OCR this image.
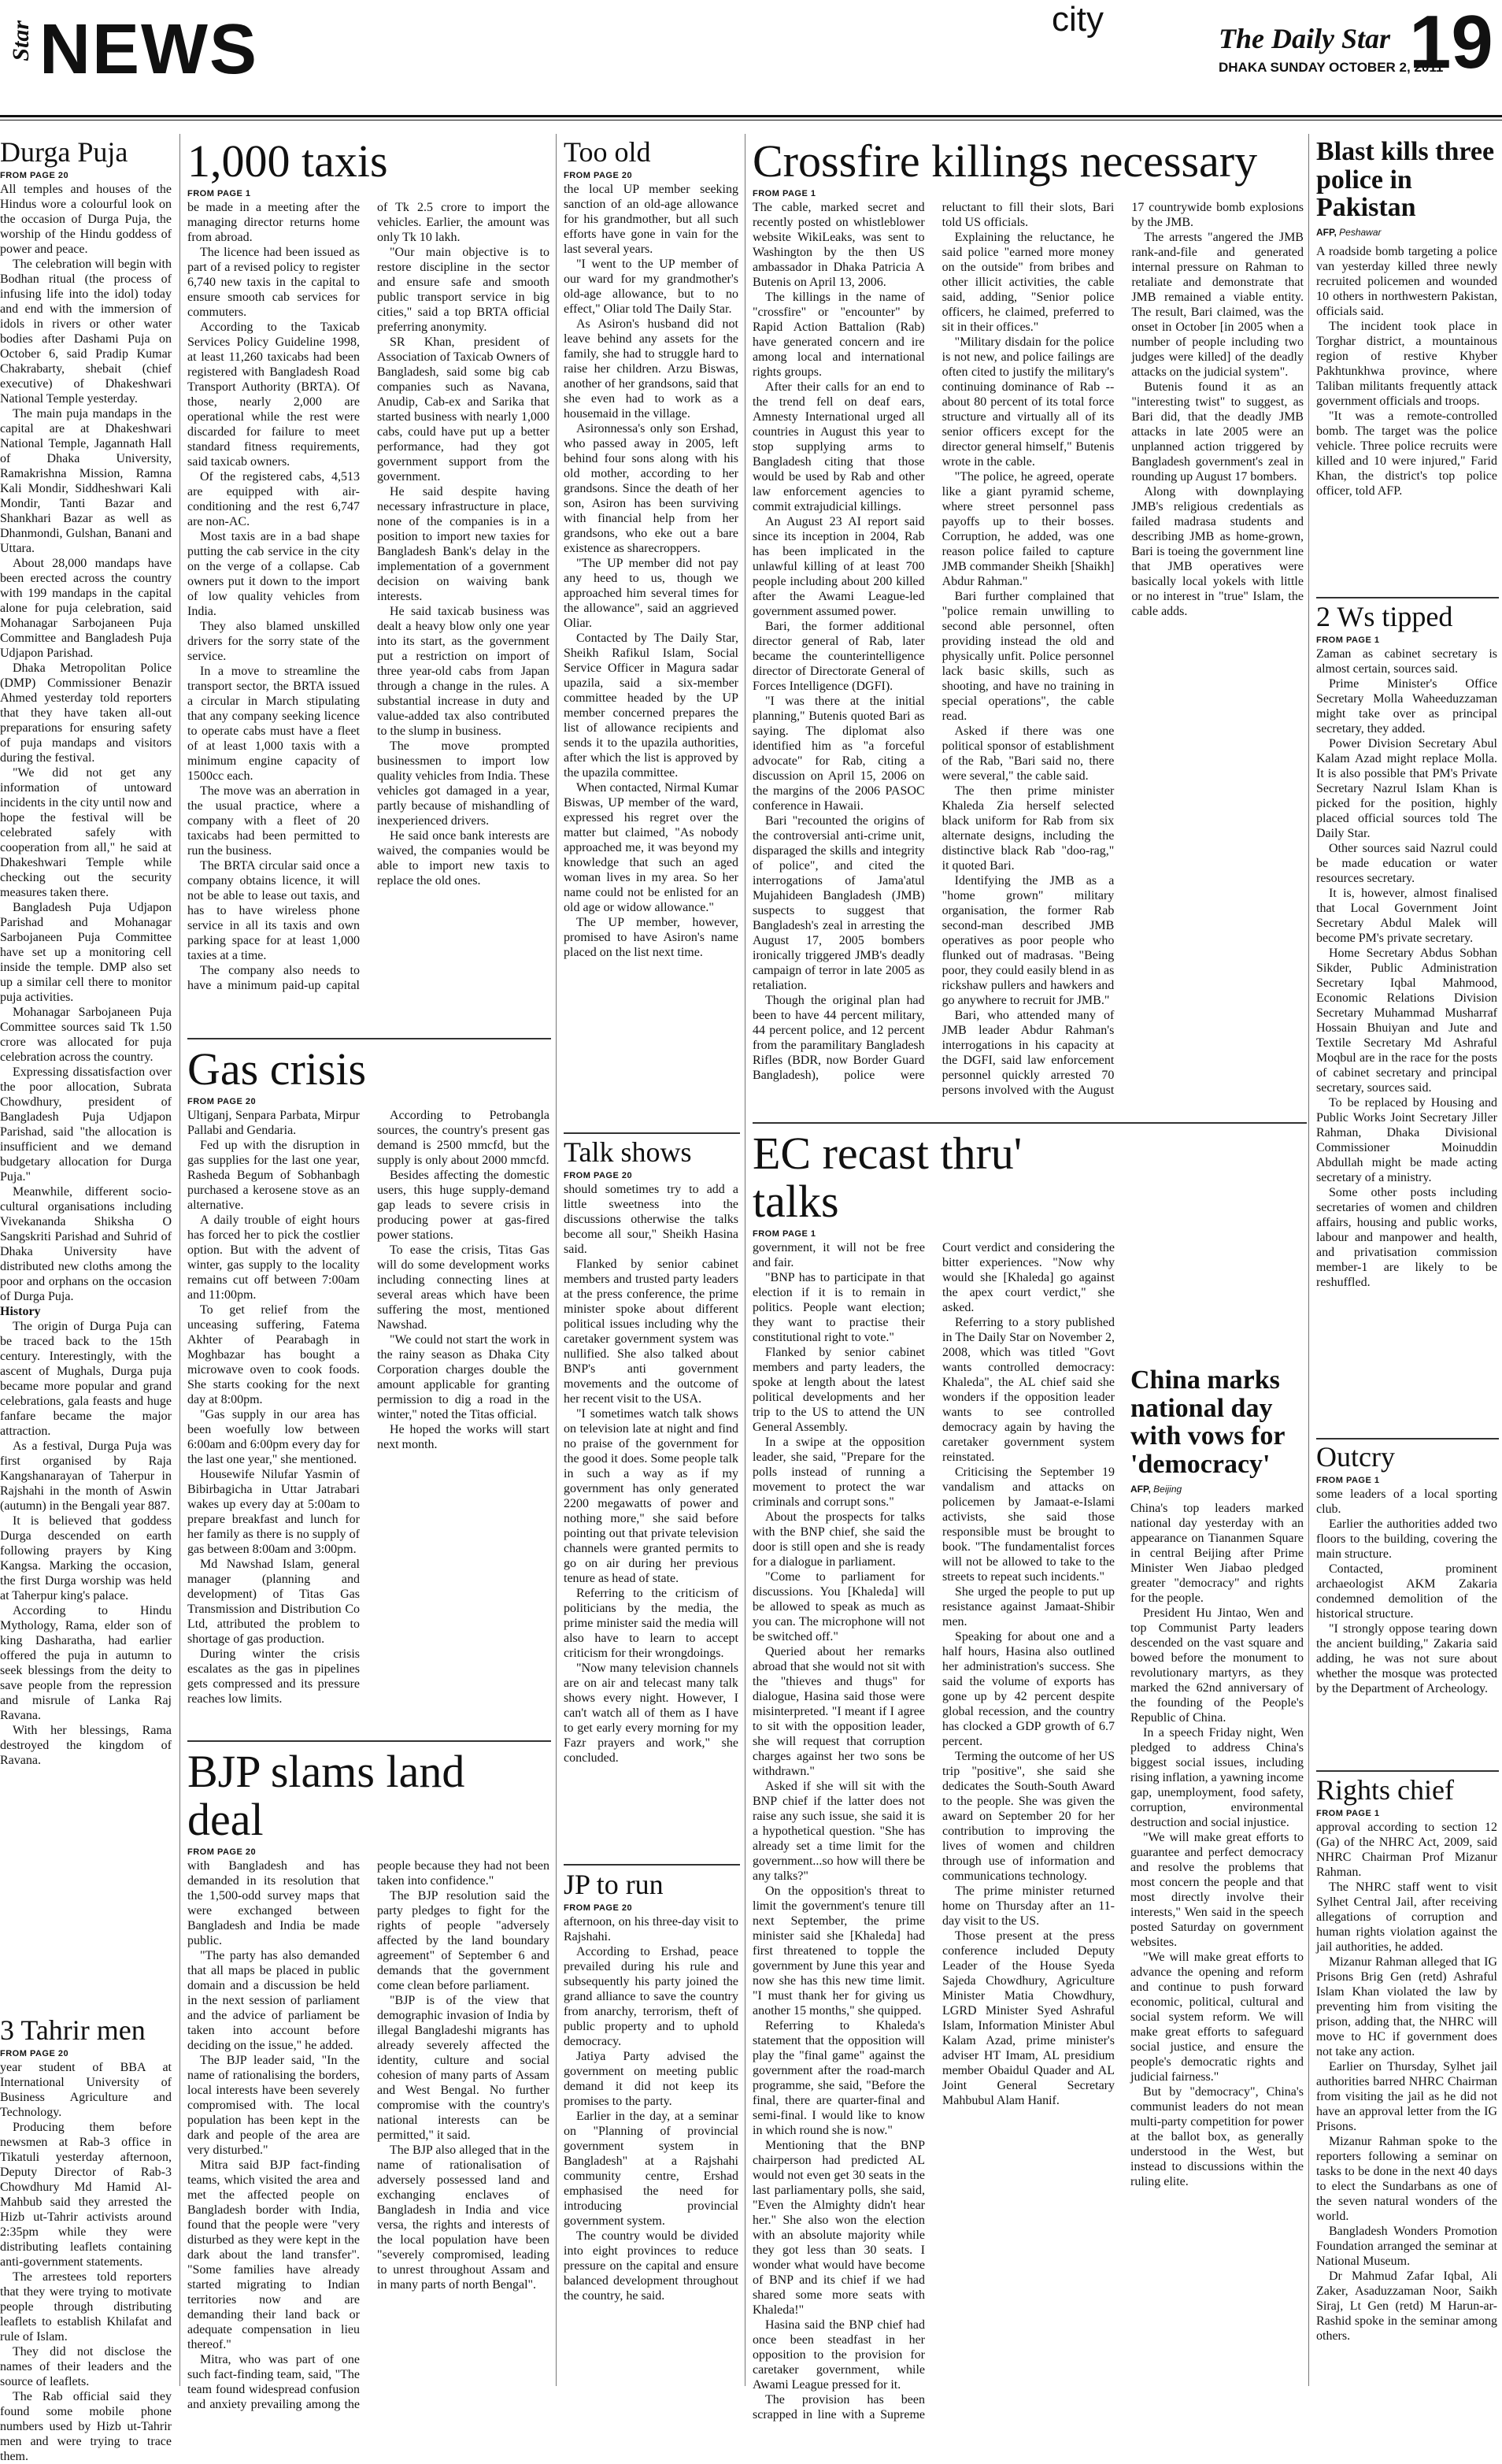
Star NEWS	city	The Daily Star
DHAKA SUNDAY OCTOBER 2, 2011
19
Durga Puja
FROM PAGE 20

All temples and houses of the Hindus wore a colourful look on the occasion of Durga Puja, the worship of the Hindu goddess of power and peace.

The celebration will begin with Bodhan ritual (the process of infusing life into the idol) today and end with the immersion of idols in rivers or other water bodies after Dashami Puja on October 6, said Pradip Kumar Chakrabarty, shebait (chief executive) of Dhakeshwari National Temple yesterday.

The main puja mandaps in the capital are at Dhakeshwari National Temple, Jagannath Hall of Dhaka University, Ramakrishna Mission, Ramna Kali Mondir, Siddheshwari Kali Mondir, Tanti Bazar and Shankhari Bazar as well as Dhanmondi, Gulshan, Banani and Uttara.

About 28,000 mandaps have been erected across the country with 199 mandaps in the capital alone for puja celebration, said Mohanagar Sarbojaneen Puja Committee and Bangladesh Puja Udjapon Parishad.

Dhaka Metropolitan Police (DMP) Commissioner Benazir Ahmed yesterday told reporters that they have taken all-out preparations for ensuring safety of puja mandaps and visitors during the festival.

"We did not get any information of untoward incidents in the city until now and hope the festival will be celebrated safely with cooperation from all," he said at Dhakeshwari Temple while checking out the security measures taken there.

Bangladesh Puja Udjapon Parishad and Mohanagar Sarbojaneen Puja Committee have set up a monitoring cell inside the temple. DMP also set up a similar cell there to monitor puja activities.

Mohanagar Sarbojaneen Puja Committee sources said Tk 1.50 crore was allocated for puja celebration across the country.

Expressing dissatisfaction over the poor allocation, Subrata Chowdhury, president of Bangladesh Puja Udjapon Parishad, said "the allocation is insufficient and we demand budgetary allocation for Durga Puja."

Meanwhile, different socio-cultural organisations including Vivekananda Shiksha O Sangskriti Parishad and Suhrid of Dhaka University have distributed new cloths among the poor and orphans on the occasion of Durga Puja.

History

The origin of Durga Puja can be traced back to the 15th century. Interestingly, with the ascent of Mughals, Durga puja became more popular and grand celebrations, gala feasts and huge fanfare became the major attraction.

As a festival, Durga Puja was first organised by Raja Kangshanarayan of Taherpur in Rajshahi in the month of Aswin (autumn) in the Bengali year 887.

It is believed that goddess Durga descended on earth following prayers by King Kangsa. Marking the occasion, the first Durga worship was held at Taherpur king's palace.

According to Hindu Mythology, Rama, elder son of king Dasharatha, had earlier offered the puja in autumn to seek blessings from the deity to save people from the repression and misrule of Lanka Raj Ravana.

With her blessings, Rama destroyed the kingdom of Ravana.

3 Tahrir men
FROM PAGE 20

year student of BBA at International University of Business Agriculture and Technology.

Producing them before newsmen at Rab-3 office in Tikatuli yesterday afternoon, Deputy Director of Rab-3 Chowdhury Md Hamid Al-Mahbub said they arrested the Hizb ut-Tahrir activists around 2:35pm while they were distributing leaflets containing anti-government statements.

The arrestees told reporters that they were trying to motivate people through distributing leaflets to establish Khilafat and rule of Islam.

They did not disclose the names of their leaders and the source of leaflets.

The Rab official said they found some mobile phone numbers used by Hizb ut-Tahrir men and were trying to trace them.

1,000 taxis
FROM PAGE 1

be made in a meeting after the managing director returns home from abroad.

The licence had been issued as part of a revised policy to register 6,740 new taxis in the capital to ensure smooth cab services for commuters.

According to the Taxicab Services Policy Guideline 1998, at least 11,260 taxicabs had been registered with Bangladesh Road Transport Authority (BRTA). Of those, nearly 2,000 are operational while the rest were discarded for failure to meet standard fitness requirements, said taxicab owners.

Of the registered cabs, 4,513 are equipped with air-conditioning and the rest 6,747 are non-AC.

Most taxis are in a bad shape putting the cab service in the city on the verge of a collapse. Cab owners put it down to the import of low quality vehicles from India.

They also blamed unskilled drivers for the sorry state of the service.

In a move to streamline the transport sector, the BRTA issued a circular in March stipulating that any company seeking licence to operate cabs must have a fleet of at least 1,000 taxis with a minimum engine capacity of 1500cc each.

The move was an aberration in the usual practice, where a company with a fleet of 20 taxicabs had been permitted to run the business.

The BRTA circular said once a company obtains licence, it will not be able to lease out taxis, and has to have wireless phone service in all its taxis and own parking space for at least 1,000 taxies at a time.

The company also needs to have a minimum paid-up capital of Tk 2.5 crore to import the vehicles. Earlier, the amount was only Tk 10 lakh.

"Our main objective is to restore discipline in the sector and ensure safe and smooth public transport service in big cities," said a top BRTA official preferring anonymity.

SR Khan, president of Association of Taxicab Owners of Bangladesh, said some big cab companies such as Navana, Anudip, Cab-ex and Sarika that started business with nearly 1,000 cabs, could have put up a better performance, had they got government support from the government.

He said despite having necessary infrastructure in place, none of the companies is in a position to import new taxies for Bangladesh Bank's delay in the implementation of a government decision on waiving bank interests.

He said taxicab business was dealt a heavy blow only one year into its start, as the government put a restriction on import of three year-old cabs from Japan through a change in the rules. A substantial increase in duty and value-added tax also contributed to the slump in business.

The move prompted businessmen to import low quality vehicles from India. These vehicles got damaged in a year, partly because of mishandling of inexperienced drivers.

He said once bank interests are waived, the companies would be able to import new taxis to replace the old ones.

Gas crisis
FROM PAGE 20

Ultiganj, Senpara Parbata, Mirpur Pallabi and Gendaria.

Fed up with the disruption in gas supplies for the last one year, Rasheda Begum of Sobhanbagh purchased a kerosene stove as an alternative.

A daily trouble of eight hours has forced her to pick the costlier option. But with the advent of winter, gas supply to the locality remains cut off between 7:00am and 11:00pm.

To get relief from the unceasing suffering, Fatema Akhter of Pearabagh in Moghbazar has bought a microwave oven to cook foods. She starts cooking for the next day at 8:00pm.

"Gas supply in our area has been woefully low between 6:00am and 6:00pm every day for the last one year," she mentioned.

Housewife Nilufar Yasmin of Bibirbagicha in Uttar Jatrabari wakes up every day at 5:00am to prepare breakfast and lunch for her family as there is no supply of gas between 8:00am and 3:00pm.

Md Nawshad Islam, general manager (planning and development) of Titas Gas Transmission and Distribution Co Ltd, attributed the problem to shortage of gas production.

During winter the crisis escalates as the gas in pipelines gets compressed and its pressure reaches low limits.

According to Petrobangla sources, the country's present gas demand is 2500 mmcfd, but the supply is only about 2000 mmcfd.

Besides affecting the domestic users, this huge supply-demand gap leads to severe crisis in producing power at gas-fired power stations.

To ease the crisis, Titas Gas will do some development works including connecting lines at several areas which have been suffering the most, mentioned Nawshad.

"We could not start the work in the rainy season as Dhaka City Corporation charges double the amount applicable for granting permission to dig a road in the winter," noted the Titas official.

He hoped the works will start next month.

BJP slams land deal
FROM PAGE 20

with Bangladesh and has demanded in its resolution that the 1,500-odd survey maps that were exchanged between Bangladesh and India be made public.

"The party has also demanded that all maps be placed in public domain and a discussion be held in the next session of parliament and the advice of parliament be taken into account before deciding on the issue," he added.

The BJP leader said, "In the name of rationalising the borders, local interests have been severely compromised with. The local population has been kept in the dark and people of the area are very disturbed."

Mitra said BJP fact-finding teams, which visited the area and met the affected people on Bangladesh border with India, found that the people were "very disturbed as they were kept in the dark about the land transfer". "Some families have already started migrating to Indian territories now and are demanding their land back or adequate compensation in lieu thereof."

Mitra, who was part of one such fact-finding team, said, "The team found widespread confusion and anxiety prevailing among the people because they had not been taken into confidence."

The BJP resolution said the party pledges to fight for the rights of people "adversely affected by the land boundary agreement" of September 6 and demands that the government come clean before parliament.

"BJP is of the view that demographic invasion of India by illegal Bangladeshi migrants has already severely affected the identity, culture and social cohesion of many parts of Assam and West Bengal. No further compromise with the country's national interests can be permitted," it said.

The BJP also alleged that in the name of rationalisation of adversely possessed land and exchanging enclaves of Bangladesh in India and vice versa, the rights and interests of the local population have been "severely compromised, leading to unrest throughout Assam and in many parts of north Bengal".

Too old
FROM PAGE 20

the local UP member seeking sanction of an old-age allowance for his grandmother, but all such efforts have gone in vain for the last several years.

"I went to the UP member of our ward for my grandmother's old-age allowance, but to no effect," Oliar told The Daily Star.

As Asiron's husband did not leave behind any assets for the family, she had to struggle hard to raise her children. Arzu Biswas, another of her grandsons, said that she even had to work as a housemaid in the village.

Asironnessa's only son Ershad, who passed away in 2005, left behind four sons along with his old mother, according to her grandsons. Since the death of her son, Asiron has been surviving with financial help from her grandsons, who eke out a bare existence as sharecroppers.

"The UP member did not pay any heed to us, though we approached him several times for the allowance", said an aggrieved Oliar.

Contacted by The Daily Star, Sheikh Rafikul Islam, Social Service Officer in Magura sadar upazila, said a six-member committee headed by the UP member concerned prepares the list of allowance recipients and sends it to the upazila authorities, after which the list is approved by the upazila committee.

When contacted, Nirmal Kumar Biswas, UP member of the ward, expressed his regret over the matter but claimed, "As nobody approached me, it was beyond my knowledge that such an aged woman lives in my area. So her name could not be enlisted for an old age or widow allowance."

The UP member, however, promised to have Asiron's name placed on the list next time.

Talk shows
FROM PAGE 20

should sometimes try to add a little sweetness into the discussions otherwise the talks become all sour," Sheikh Hasina said.

Flanked by senior cabinet members and trusted party leaders at the press conference, the prime minister spoke about different political issues including why the caretaker government system was nullified. She also talked about BNP's anti government movements and the outcome of her recent visit to the USA.

"I sometimes watch talk shows on television late at night and find no praise of the government for the good it does. Some people talk in such a way as if my government has only generated 2200 megawatts of power and nothing more," she said before pointing out that private television channels were granted permits to go on air during her previous tenure as head of state.

Referring to the criticism of politicians by the media, the prime minister said the media will also have to learn to accept criticism for their wrongdoings.

"Now many television channels are on air and telecast many talk shows every night. However, I can't watch all of them as I have to get early every morning for my Fazr prayers and work," she concluded.

JP to run
FROM PAGE 20

afternoon, on his three-day visit to Rajshahi.

According to Ershad, peace prevailed during his rule and subsequently his party joined the grand alliance to save the country from anarchy, terrorism, theft of public property and to uphold democracy.

Jatiya Party advised the government on meeting public demand it did not keep its promises to the party.

Earlier in the day, at a seminar on "Planning of provincial government system in Bangladesh" at a Rajshahi community centre, Ershad emphasised the need for introducing provincial government system.

The country would be divided into eight provinces to reduce pressure on the capital and ensure balanced development throughout the country, he said.

Crossfire killings necessary
FROM PAGE 1

The cable, marked secret and recently posted on whistleblower website WikiLeaks, was sent to Washington by the then US ambassador in Dhaka Patricia A Butenis on April 13, 2006.

The killings in the name of "crossfire" or "encounter" by Rapid Action Battalion (Rab) have generated concern and ire among local and international rights groups.

After their calls for an end to the trend fell on deaf ears, Amnesty International urged all countries in August this year to stop supplying arms to Bangladesh citing that those would be used by Rab and other law enforcement agencies to commit extrajudicial killings.

An August 23 AI report said since its inception in 2004, Rab has been implicated in the unlawful killing of at least 700 people including about 200 killed after the Awami League-led government assumed power.

Bari, the former additional director general of Rab, later became the counterintelligence director of Directorate General of Forces Intelligence (DGFI).

"I was there at the initial planning," Butenis quoted Bari as saying. The diplomat also identified him as "a forceful advocate" for Rab, citing a discussion on April 15, 2006 on the margins of the 2006 PASOC conference in Hawaii.

Bari "recounted the origins of the controversial anti-crime unit, disparaged the skills and integrity of police", and cited the interrogations of Jama'atul Mujahideen Bangladesh (JMB) suspects to suggest that Bangladesh's zeal in arresting the August 17, 2005 bombers ironically triggered JMB's deadly campaign of terror in late 2005 as retaliation.

Though the original plan had been to have 44 percent military, 44 percent police, and 12 percent from the paramilitary Bangladesh Rifles (BDR, now Border Guard Bangladesh), police were reluctant to fill their slots, Bari told US officials.

Explaining the reluctance, he said police "earned more money on the outside" from bribes and other illicit activities, the cable said, adding, "Senior police officers, he claimed, preferred to sit in their offices."

"Military disdain for the police is not new, and police failings are often cited to justify the military's continuing dominance of Rab -- about 80 percent of its total force structure and virtually all of its senior officers except for the director general himself," Butenis wrote in the cable.

"The police, he agreed, operate like a giant pyramid scheme, where street personnel pass payoffs up to their bosses. Corruption, he added, was one reason police failed to capture JMB commander Sheikh [Shaikh] Abdur Rahman."

Bari further complained that "police remain unwilling to second able personnel, often providing instead the old and physically unfit. Police personnel lack basic skills, such as shooting, and have no training in special operations", the cable read.

Asked if there was one political sponsor of establishment of the Rab, "Bari said no, there were several," the cable said.

The then prime minister Khaleda Zia herself selected black uniform for Rab from six alternate designs, including the distinctive black Rab "doo-rag," it quoted Bari.

Identifying the JMB as a "home grown" military organisation, the former Rab second-man described JMB operatives as poor people who flunked out of madrasas. "Being poor, they could easily blend in as rickshaw pullers and hawkers and go anywhere to recruit for JMB."

Bari, who attended many of JMB leader Abdur Rahman's interrogations in his capacity at the DGFI, said law enforcement personnel quickly arrested 70 persons involved with the August 17 countrywide bomb explosions by the JMB.

The arrests "angered the JMB rank-and-file and generated internal pressure on Rahman to retaliate and demonstrate that JMB remained a viable entity. The result, Bari claimed, was the onset in October [in 2005 when a number of people including two judges were killed] of the deadly attacks on the judicial system".

Butenis found it as an "interesting twist" to suggest, as Bari did, that the deadly JMB attacks in late 2005 were an unplanned action triggered by Bangladesh government's zeal in rounding up August 17 bombers.

Along with downplaying JMB's religious credentials as failed madrasa students and describing JMB as home-grown, Bari is toeing the government line that JMB operatives were basically local yokels with little or no interest in "true" Islam, the cable adds.

EC recast thru' talks
FROM PAGE 1

government, it will not be free and fair.

"BNP has to participate in that election if it is to remain in politics. People want election; they want to practise their constitutional right to vote."

Flanked by senior cabinet members and party leaders, the spoke at length about the latest political developments and her trip to the US to attend the UN General Assembly.

In a swipe at the opposition leader, she said, "Prepare for the polls instead of running a movement to protect the war criminals and corrupt sons."

About the prospects for talks with the BNP chief, she said the door is still open and she is ready for a dialogue in parliament.

"Come to parliament for discussions. You [Khaleda] will be allowed to speak as much as you can. The microphone will not be switched off."

Queried about her remarks abroad that she would not sit with the "thieves and thugs" for dialogue, Hasina said those were misinterpreted. "I meant if I agree to sit with the opposition leader, she will request that corruption charges against her two sons be withdrawn."

Asked if she will sit with the BNP chief if the latter does not raise any such issue, she said it is a hypothetical question. "She has already set a time limit for the government...so how will there be any talks?"

On the opposition's threat to limit the government's tenure till next September, the prime minister said she [Khaleda] had first threatened to topple the government by June this year and now she has this new time limit. "I must thank her for giving us another 15 months," she quipped.

Referring to Khaleda's statement that the opposition will play the "final game" against the government after the road-march programme, she said, "Before the final, there are quarter-final and semi-final. I would like to know in which round she is now."

Mentioning that the BNP chairperson had predicted AL would not even get 30 seats in the last parliamentary polls, she said, "Even the Almighty didn't hear her." She also won the election with an absolute majority while they got less than 30 seats. I wonder what would have become of BNP and its chief if we had shared some more seats with Khaleda!"

Hasina said the BNP chief had once been steadfast in her opposition to the provision for caretaker government, while Awami League pressed for it.

The provision has been scrapped in line with a Supreme Court verdict and considering the bitter experiences. "Now why would she [Khaleda] go against the apex court verdict," she asked.

Referring to a story published in The Daily Star on November 2, 2008, which was titled "Govt wants controlled democracy: Khaleda", the AL chief said she wonders if the opposition leader wants to see controlled democracy again by having the caretaker government system reinstated.

Criticising the September 19 vandalism and attacks on policemen by Jamaat-e-Islami activists, she said those responsible must be brought to book. "The fundamentalist forces will not be allowed to take to the streets to repeat such incidents."

She urged the people to put up resistance against Jamaat-Shibir men.

Speaking for about one and a half hours, Hasina also outlined her administration's success. She said the volume of exports has gone up by 42 percent despite global recession, and the country has clocked a GDP growth of 6.7 percent.

Terming the outcome of her US trip "positive", she said she dedicates the South-South Award to the people. She was given the award on September 20 for her contribution to improving the lives of women and children through use of information and communications technology.

The prime minister returned home on Thursday after an 11-day visit to the US.

Those present at the press conference included Deputy Leader of the House Syeda Sajeda Chowdhury, Agriculture Minister Matia Chowdhury, LGRD Minister Syed Ashraful Islam, Information Minister Abul Kalam Azad, prime minister's adviser HT Imam, AL presidium member Obaidul Quader and AL Joint General Secretary Mahbubul Alam Hanif.

China marks national day with vows for 'democracy'
AFP, Beijing

China's top leaders marked national day yesterday with an appearance on Tiananmen Square in central Beijing after Prime Minister Wen Jiabao pledged greater "democracy" and rights for the people.

President Hu Jintao, Wen and top Communist Party leaders descended on the vast square and bowed before the monument to revolutionary martyrs, as they marked the 62nd anniversary of the founding of the People's Republic of China.

In a speech Friday night, Wen pledged to address China's biggest social issues, including rising inflation, a yawning income gap, unemployment, food safety, corruption, environmental destruction and social injustice.

"We will make great efforts to guarantee and perfect democracy and resolve the problems that most concern the people and that most directly involve their interests," Wen said in the speech posted Saturday on government websites.

"We will make great efforts to advance the opening and reform and continue to push forward economic, political, cultural and social system reform. We will make great efforts to safeguard social justice, and ensure the people's democratic rights and judicial fairness."

But by "democracy", China's communist leaders do not mean multi-party competition for power at the ballot box, as generally understood in the West, but instead to discussions within the ruling elite.

Blast kills three police in Pakistan
AFP, Peshawar

A roadside bomb targeting a police van yesterday killed three newly recruited policemen and wounded 10 others in northwestern Pakistan, officials said.

The incident took place in Torghar district, a mountainous region of restive Khyber Pakhtunkhwa province, where Taliban militants frequently attack government officials and troops.

"It was a remote-controlled bomb. The target was the police vehicle. Three police recruits were killed and 10 were injured," Farid Khan, the district's top police officer, told AFP.

2 Ws tipped
FROM PAGE 1

Zaman as cabinet secretary is almost certain, sources said.

Prime Minister's Office Secretary Molla Waheeduzzaman might take over as principal secretary, they added.

Power Division Secretary Abul Kalam Azad might replace Molla. It is also possible that PM's Private Secretary Nazrul Islam Khan is picked for the position, highly placed official sources told The Daily Star.

Other sources said Nazrul could be made education or water resources secretary.

It is, however, almost finalised that Local Government Joint Secretary Abdul Malek will become PM's private secretary.

Home Secretary Abdus Sobhan Sikder, Public Administration Secretary Iqbal Mahmood, Economic Relations Division Secretary Muhammad Musharraf Hossain Bhuiyan and Jute and Textile Secretary Md Ashraful Moqbul are in the race for the posts of cabinet secretary and principal secretary, sources said.

To be replaced by Housing and Public Works Joint Secretary Jiller Rahman, Dhaka Divisional Commissioner Moinuddin Abdullah might be made acting secretary of a ministry.

Some other posts including secretaries of women and children affairs, housing and public works, labour and manpower and health, and privatisation commission member-1 are likely to be reshuffled.

Outcry
FROM PAGE 1

some leaders of a local sporting club.

Earlier the authorities added two floors to the building, covering the main structure.

Contacted, prominent archaeologist AKM Zakaria condemned demolition of the historical structure.

"I strongly oppose tearing down the ancient building," Zakaria said adding, he was not sure about whether the mosque was protected by the Department of Archeology.

Rights chief
FROM PAGE 1

approval according to section 12 (Ga) of the NHRC Act, 2009, said NHRC Chairman Prof Mizanur Rahman.

The NHRC staff went to visit Sylhet Central Jail, after receiving allegations of corruption and human rights violation against the jail authorities, he added.

Mizanur Rahman alleged that IG Prisons Brig Gen (retd) Ashraful Islam Khan violated the law by preventing him from visiting the prison, adding that, the NHRC will move to HC if government does not take any action.

Earlier on Thursday, Sylhet jail authorities barred NHRC Chairman from visiting the jail as he did not have an approval letter from the IG Prisons.

Mizanur Rahman spoke to the reporters following a seminar on tasks to be done in the next 40 days to elect the Sundarbans as one of the seven natural wonders of the world.

Bangladesh Wonders Promotion Foundation arranged the seminar at National Museum.

Dr Mahmud Zafar Iqbal, Ali Zaker, Asaduzzaman Noor, Saikh Siraj, Lt Gen (retd) M Harun-ar-Rashid spoke in the seminar among others.
